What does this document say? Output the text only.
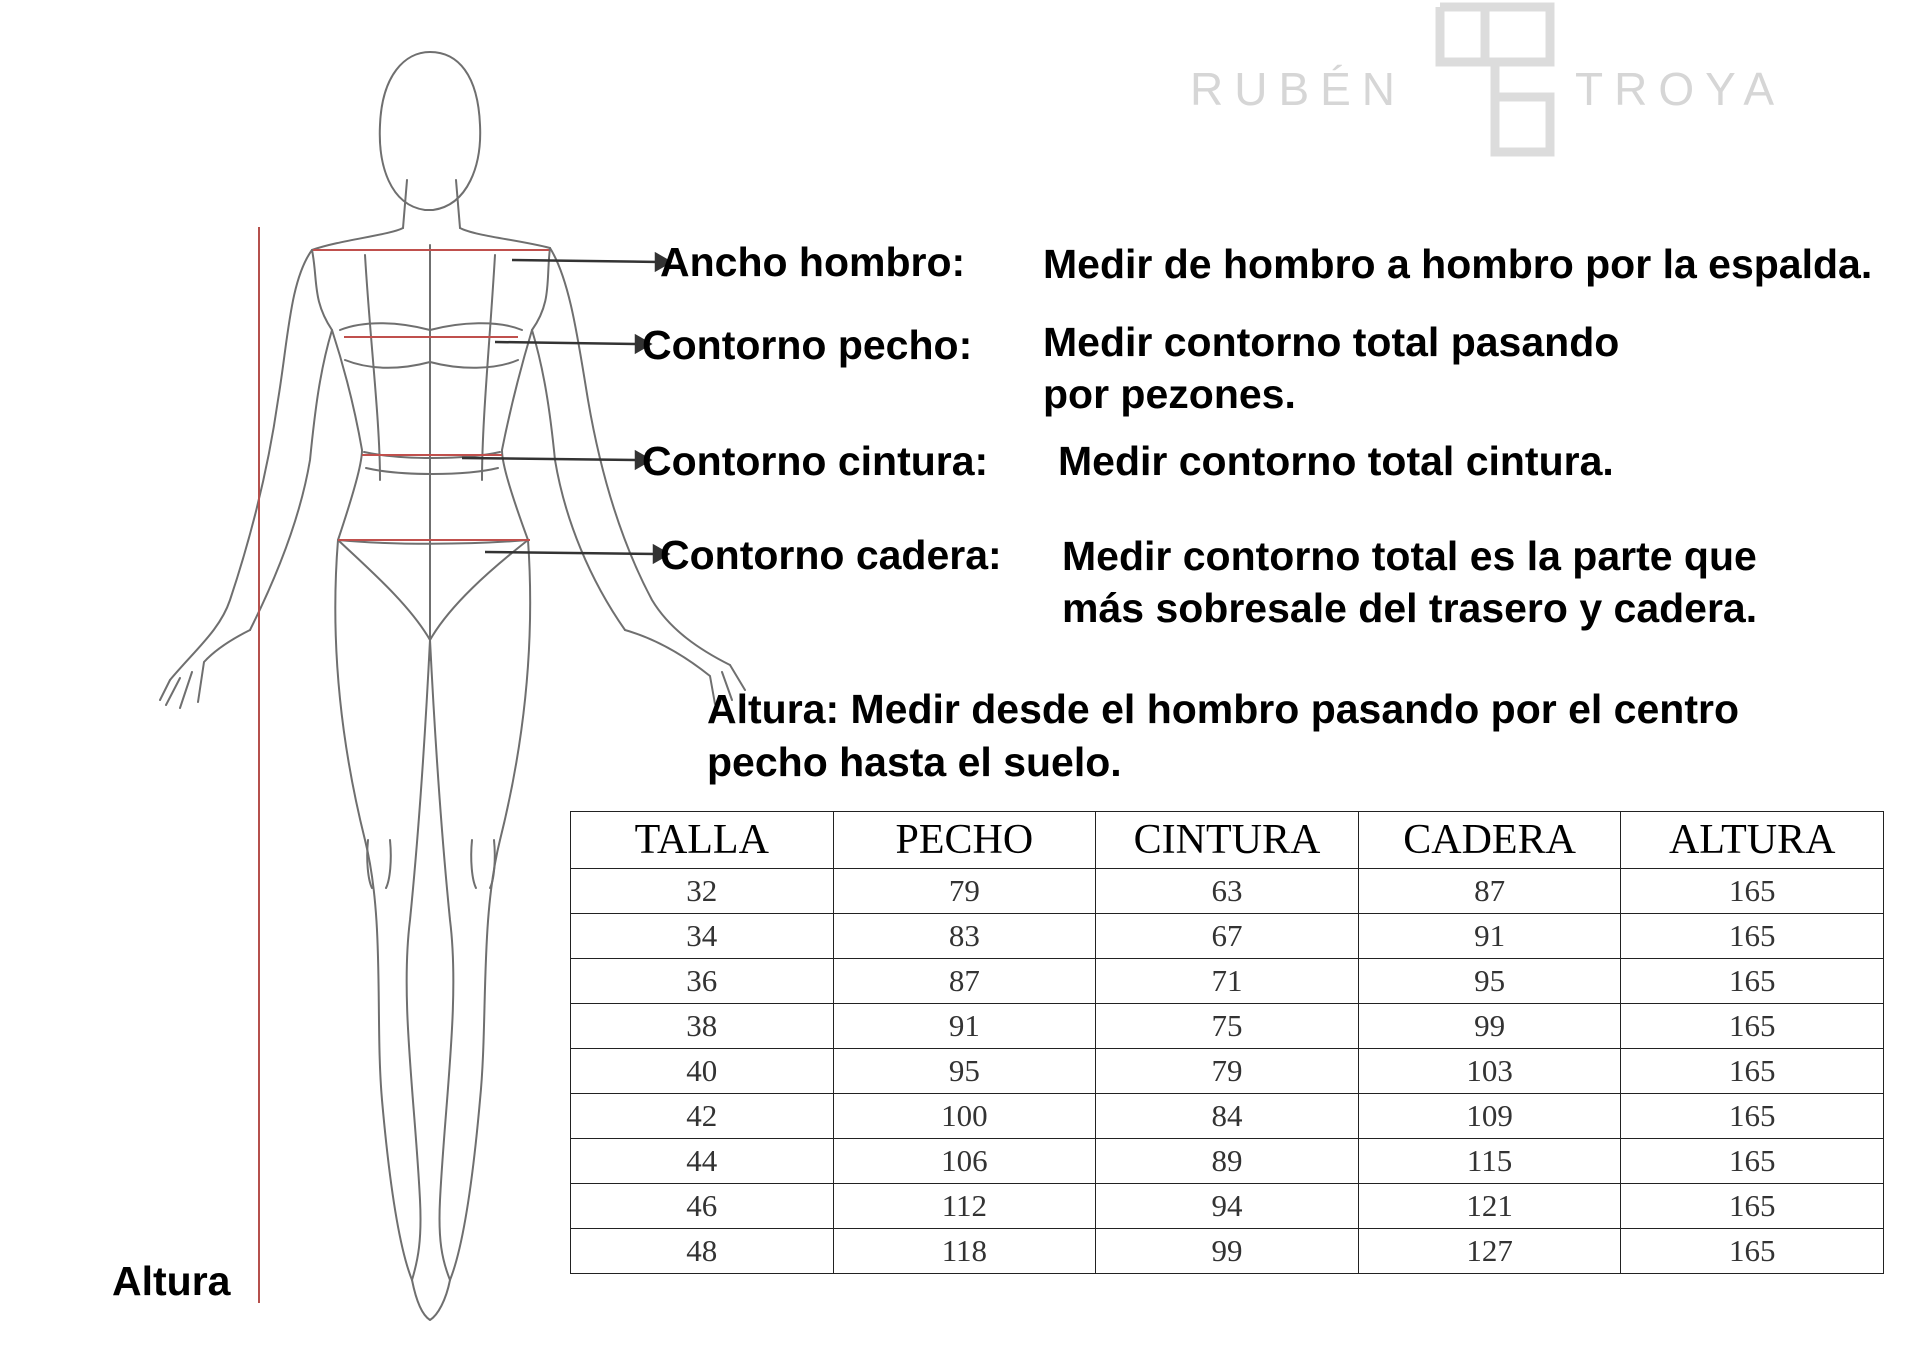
RUBÉN	TROYA
Ancho hombro: Medir de hombro a hombro por la espalda.
Contorno pecho: Medir contorno total pasando
por pezones.
Contorno cintura: Medir contorno total cintura.
Contorno cadera: Medir contorno total es la parte que
más sobresale del trasero y cadera.
Altura: Medir desde el hombro pasando por el centro
pecho hasta el suelo.
Altura
TALLA	PECHO	CINTURA	CADERA	ALTURA
32	79	63	87	165
34	83	67	91	165
36	87	71	95	165
38	91	75	99	165
40	95	79	103	165
42	100	84	109	165
44	106	89	115	165
46	112	94	121	165
48	118	99	127	165
